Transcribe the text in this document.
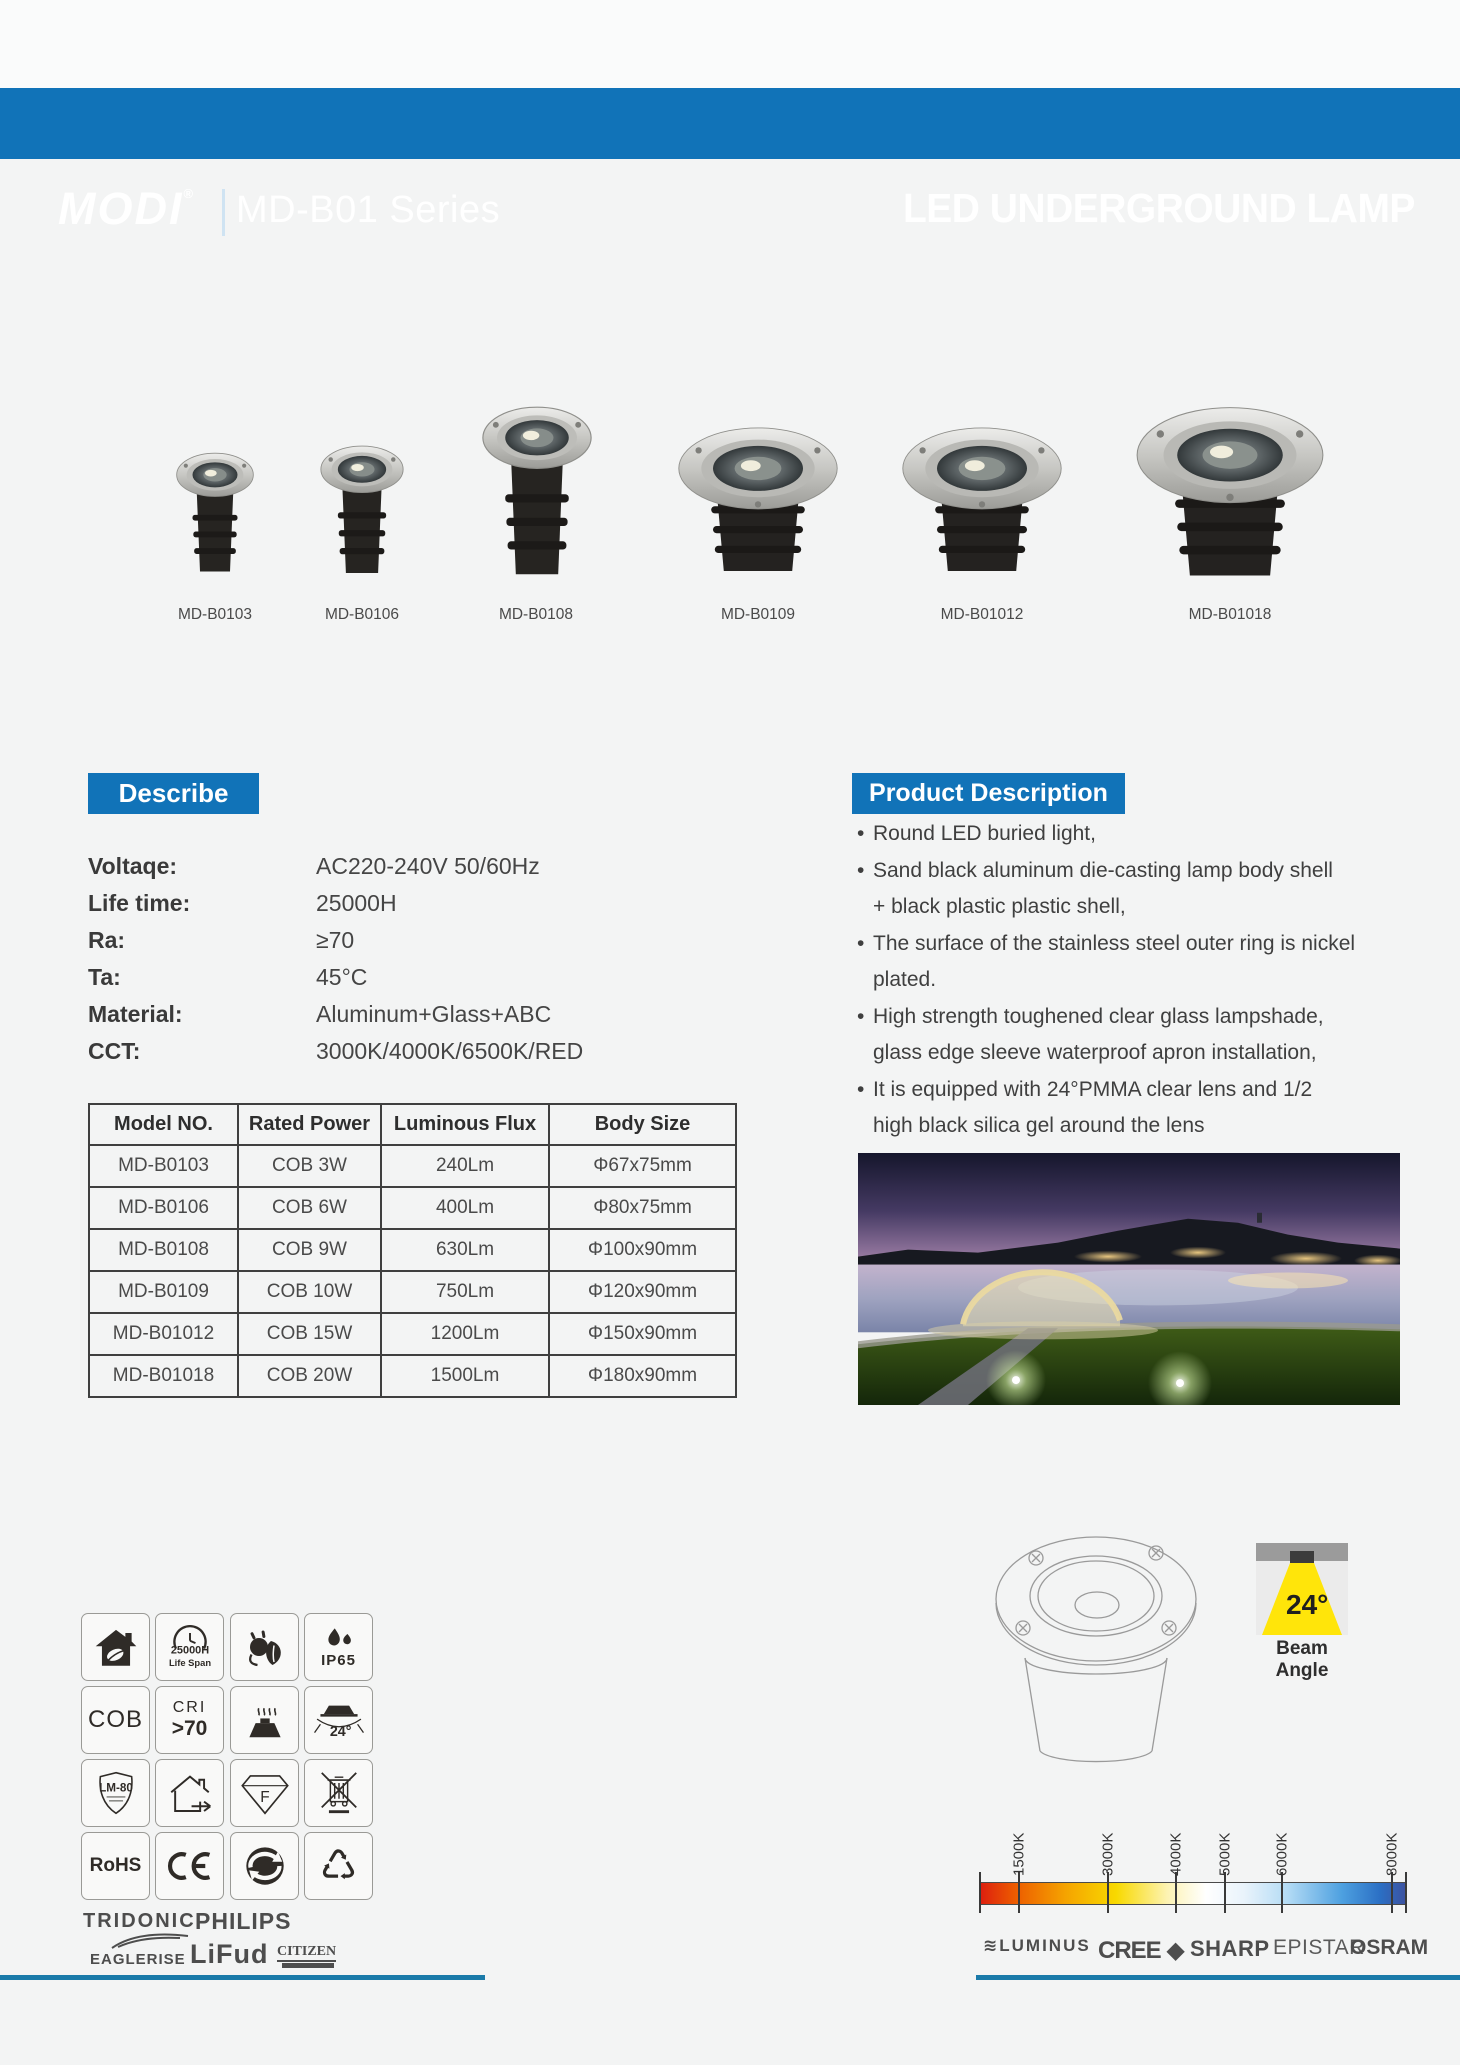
MODI® MD-B01 Series	LED UNDERGROUND LAMP
MD-B0103	MD-B0106	MD-B0108	MD-B0109	MD-B01012	MD-B01018
Describe
Voltaqe:	AC220-240V 50/60Hz
Life time:	25000H
Ra:	≥70
Ta:	45°C
Material:	Aluminum+Glass+ABC
CCT:	3000K/4000K/6500K/RED
Product Description
• Round LED buried light,
• Sand black aluminum die-casting lamp body shell
+ black plastic plastic shell,
• The surface of the stainless steel outer ring is nickel
plated.
• High strength toughened clear glass lampshade,
glass edge sleeve waterproof apron installation,
• It is equipped with 24°PMMA clear lens and 1/2
high black silica gel around the lens
Model NO.	Rated Power	Luminous Flux	Body Size
MD-B0103	COB 3W	240Lm	Φ67x75mm
MD-B0106	COB 6W	400Lm	Φ80x75mm
MD-B0108	COB 9W	630Lm	Φ100x90mm
MD-B0109	COB 10W	750Lm	Φ120x90mm
MD-B01012	COB 15W	1200Lm	Φ150x90mm
MD-B01018	COB 20W	1500Lm	Φ180x90mm
25000H
Life Span	IP65
COB CRI
>70	24°
LM-80
F
RoHS	♺
TRIDONIC PHILIPS
EAGLERISE LiFud CITIZEN
24°
Beam Angle
1500K	3000K	4000K 5000K	6000K	8000K
≋LUMINUS CREE ◆ SHARP EPISTAR
OSRAM
